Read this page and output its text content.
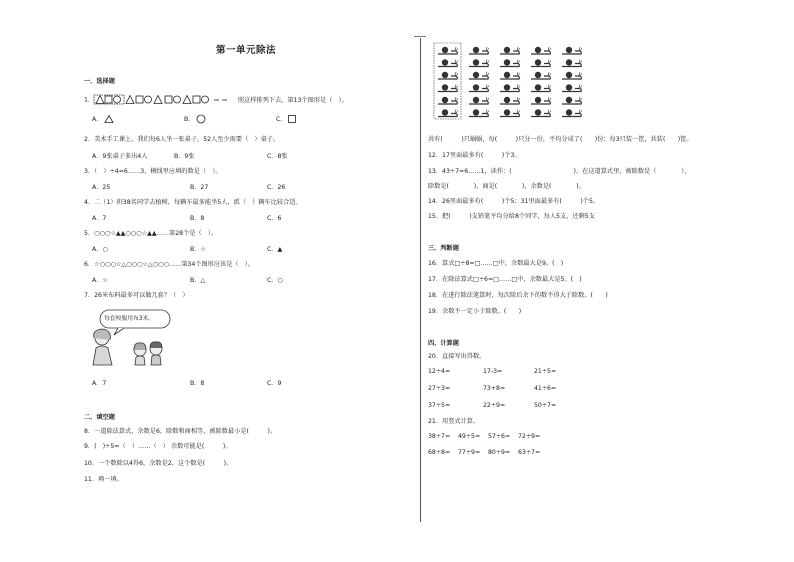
第一单元除法
一、选择题
1.	照这样排列下去，第13个图形是（　）。
A．	B．	C．
2．美术手工课上，我们每6人坐一张桌子，52人至少需要（　）桌子。
A．9张桌子多出4人	B．9张	C．8张
3．（　）÷4=6……3，横线里应填的数是（　）。
A．25	B．27	C．26
4．二（1）班38名同学去植树，每辆车最多能坐5人，派（　）辆车比较合适。
A．7	B．8	C．6
5．○○○☆▲▲○○○☆▲▲……第28个是（　）。
A．○	B．☆	C．▲
6．☆○○○☆△○○○☆△○○○……第34个图形应该是（　）。
A．☆	B．△	C．○
7．26米布料最多可以做几套？（　）
每套校服用布3米。
A．7	B．8	C．9
二、填空题
8．一道除法算式，余数是6，除数和商相等，被除数最小是(　　　)。
9．(　)÷5=（　）……（　） 余数可能是(　　　)。
10．一个数除以4得6，余数是2，这个数是(　　　)。
11．填一填。
共有(　　　)只蜗蜗，每(　　　)只分一份，平均分成了(　　)份；每3只装一筐，共装(　　)筐。
12．17里面最多有(　　　)个3。
13．43÷7=6……1，读作：(　　　　　　　　　　)，在这道算式里，被除数是（　　　　），
除数是(　　　　)，商是(　　　　)，余数是(　　　　)。
14．26里面最多有(　　　)个5；31里面最多有(　　　)个5。
15．把(　　　)支铅笔平均分给8个同学，每人5支，还剩5支
三、判断题
16．算式□÷8=□……□中，余数最大是9。(　)
17．在除法算式□÷6=□……□中，余数最大是5。(　)
18．在进行除法笔算时，每次除后余下的数不得大于除数。(　　)
19．余数不一定小于除数。(　　)
四、计算题
20．直接写出得数。
12÷4=	17-3=	21÷5=
27÷3=	73+8=	41÷6=
37÷5=	22÷9=	50÷7=
21．用竖式计算。
38÷7= 49÷5= 57÷6= 72÷9=
68÷8= 77÷9= 80÷9= 63÷7=
